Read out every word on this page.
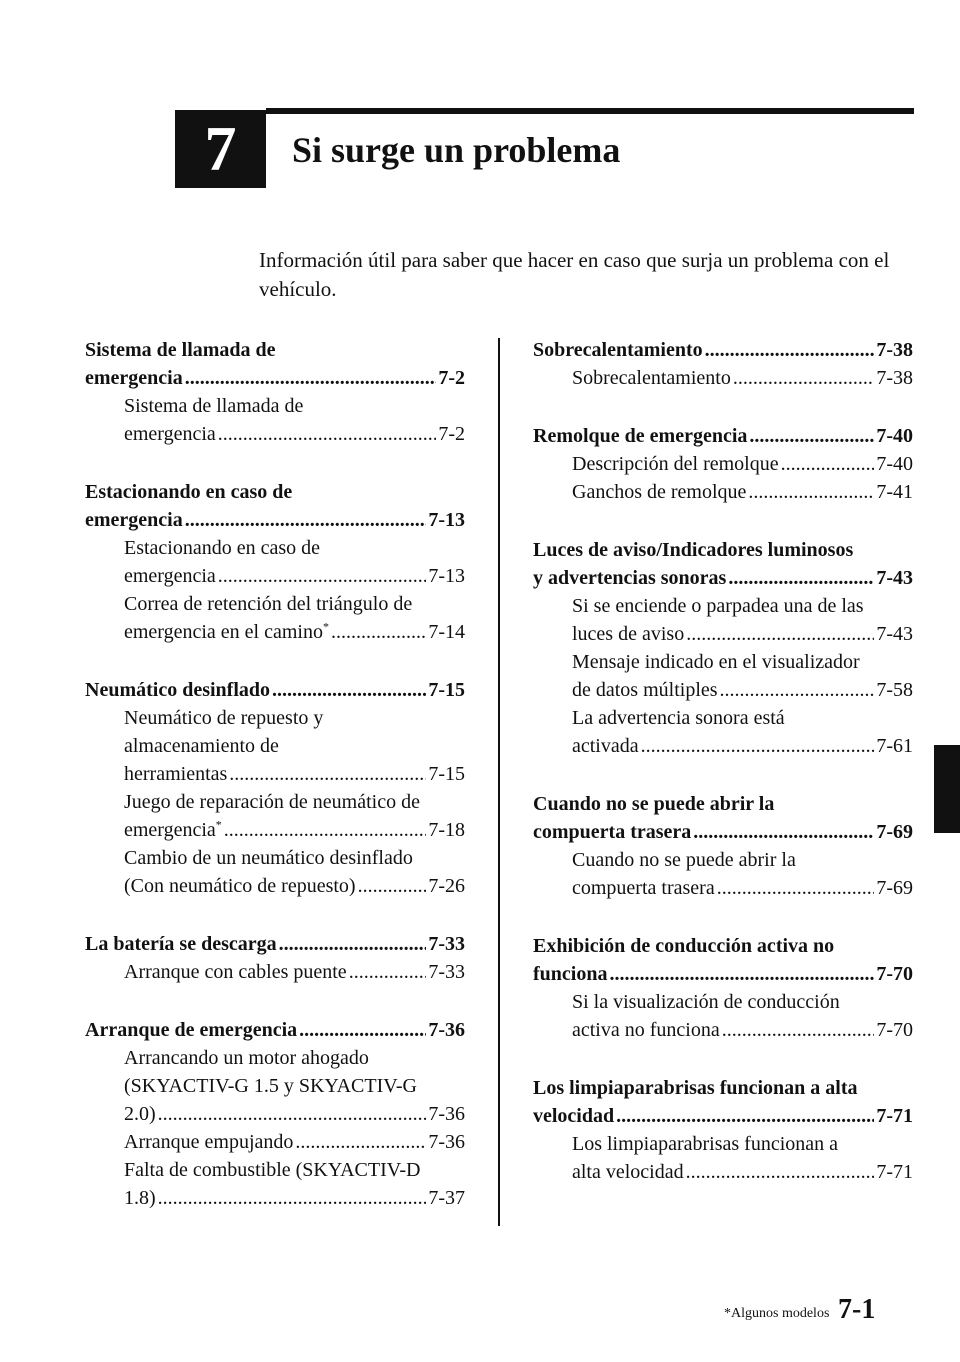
7	Si surge un problema
Información útil para saber que hacer en caso que surja un problema con el vehículo.
Sistema de llamada de
emergencia .....	7-2
Sistema de llamada de
emergencia .....	7-2
Estacionando en caso de
emergencia .....	7-13
Estacionando en caso de
emergencia .....	7-13
Correa de retención del triángulo de
emergencia en el camino* .....	7-14
Neumático desinflado .....	7-15
Neumático de repuesto y
almacenamiento de
herramientas .....	7-15
Juego de reparación de neumático de
emergencia* .....	7-18
Cambio de un neumático desinflado
(Con neumático de repuesto) .....	7-26
La batería se descarga .....	7-33
Arranque con cables puente .....	7-33
Arranque de emergencia .....	7-36
Arrancando un motor ahogado
(SKYACTIV-G 1.5 y SKYACTIV-G
2.0) .....	7-36
Arranque empujando .....	7-36
Falta de combustible (SKYACTIV-D
1.8) .....	7-37
Sobrecalentamiento .....	7-38
Sobrecalentamiento .....	7-38
Remolque de emergencia .....	7-40
Descripción del remolque .....	7-40
Ganchos de remolque .....	7-41
Luces de aviso/Indicadores luminosos
y advertencias sonoras .....	7-43
Si se enciende o parpadea una de las
luces de aviso .....	7-43
Mensaje indicado en el visualizador
de datos múltiples .....	7-58
La advertencia sonora está
activada .....	7-61
Cuando no se puede abrir la
compuerta trasera .....	7-69
Cuando no se puede abrir la
compuerta trasera .....	7-69
Exhibición de conducción activa no
funciona .....	7-70
Si la visualización de conducción
activa no funciona .....	7-70
Los limpiaparabrisas funcionan a alta
velocidad .....	7-71
Los limpiaparabrisas funcionan a
alta velocidad .....	7-71
*Algunos modelos 7-1
